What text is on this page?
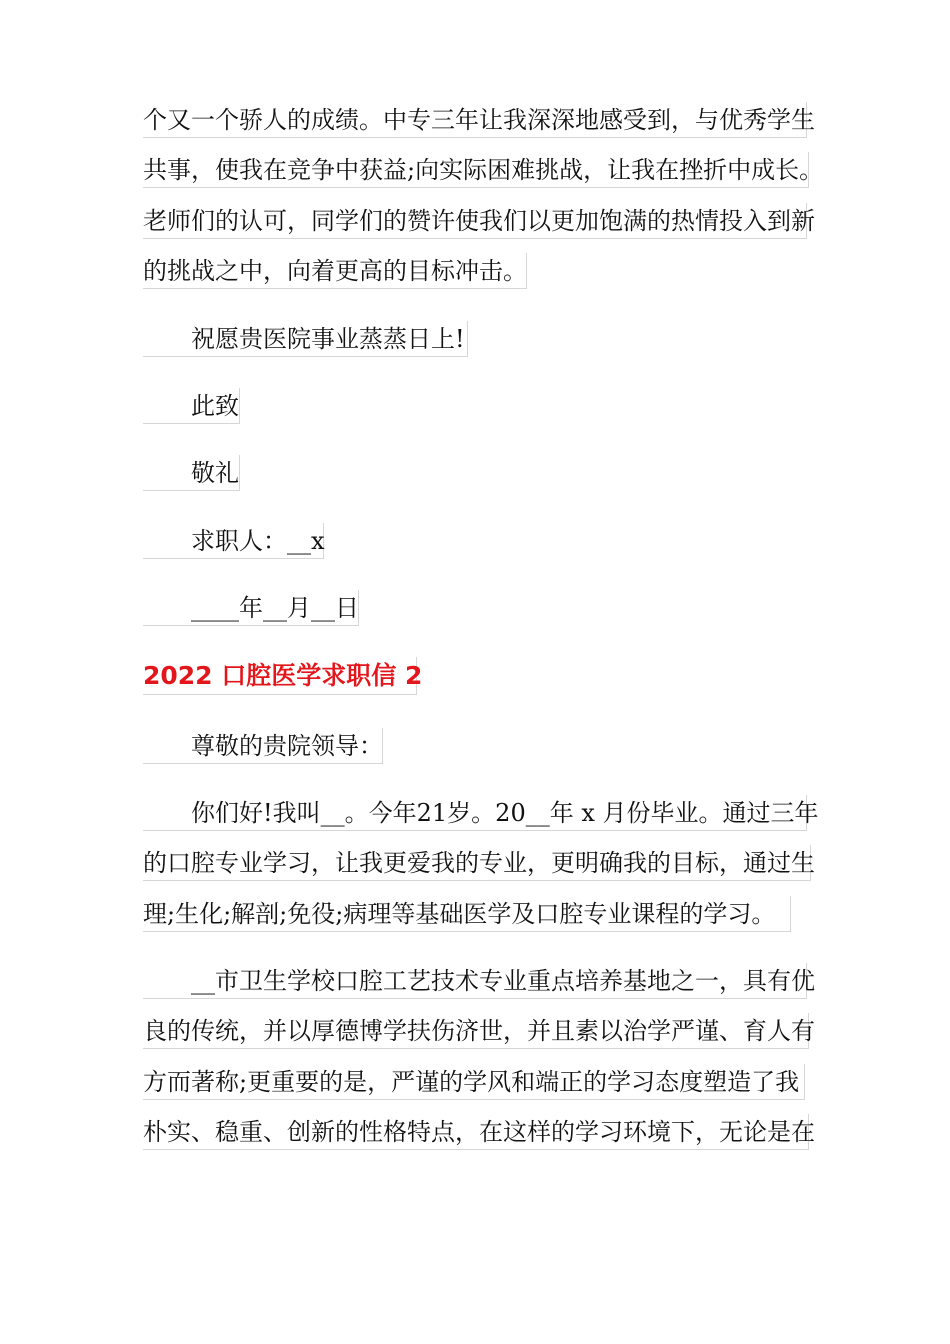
个又一个骄人的成绩。中专三年让我深深地感受到，与优秀学生
共事，使我在竞争中获益;向实际困难挑战，让我在挫折中成长。
老师们的认可，同学们的赞许使我们以更加饱满的热情投入到新
的挑战之中，向着更高的目标冲击。
祝愿贵医院事业蒸蒸日上!
此致
敬礼
求职人：__x
____年__月__日
2022 口腔医学求职信 2
尊敬的贵院领导：
你们好!我叫__。今年21岁。20__年 x 月份毕业。通过三年
的口腔专业学习，让我更爱我的专业，更明确我的目标，通过生
理;生化;解剖;免役;病理等基础医学及口腔专业课程的学习。
__市卫生学校口腔工艺技术专业重点培养基地之一，具有优
良的传统，并以厚德博学扶伤济世，并且素以治学严谨、育人有
方而著称;更重要的是，严谨的学风和端正的学习态度塑造了我
朴实、稳重、创新的性格特点，在这样的学习环境下，无论是在
